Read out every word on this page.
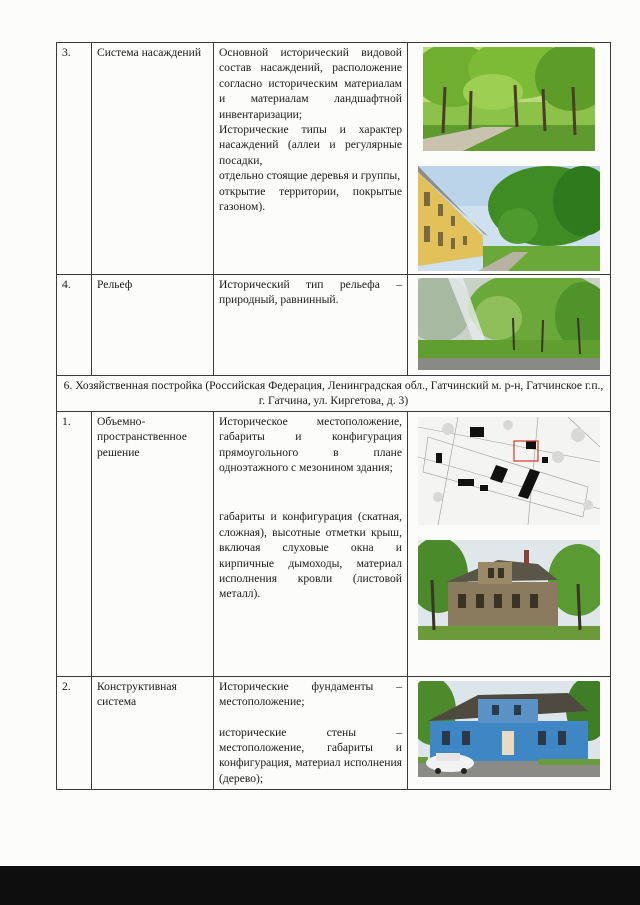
3.	Система насаждений	Основной исторический видовой состав насаждений, расположение согласно историческим материалам и материалам ландшафтной инвентаризации;
Исторические типы и характер насаждений (аллеи и регулярные посадки,
отдельно стоящие деревья и группы,
открытие территории, покрытые газоном).

4.	Рельеф	Исторический тип рельефа – природный, равнинный.

6. Хозяйственная постройка (Российская Федерация, Ленинградская обл., Гатчинский м. р-н, Гатчинское г.п., г. Гатчина, ул. Киргетова, д. 3)			
1.	Объемно-пространственное решение	Историческое местоположение, габариты и конфигурация прямоугольного в плане одноэтажного с мезонином здания;
габариты и конфигурация (скатная, сложная), высотные отметки крыш, включая слуховые окна и кирпичные дымоходы, материал исполнения кровли (листовой металл).

2.	Конструктивная система	Исторические фундаменты – местоположение;
исторические стены – местоположение, габариты и конфигурация, материал исполнения (дерево);
